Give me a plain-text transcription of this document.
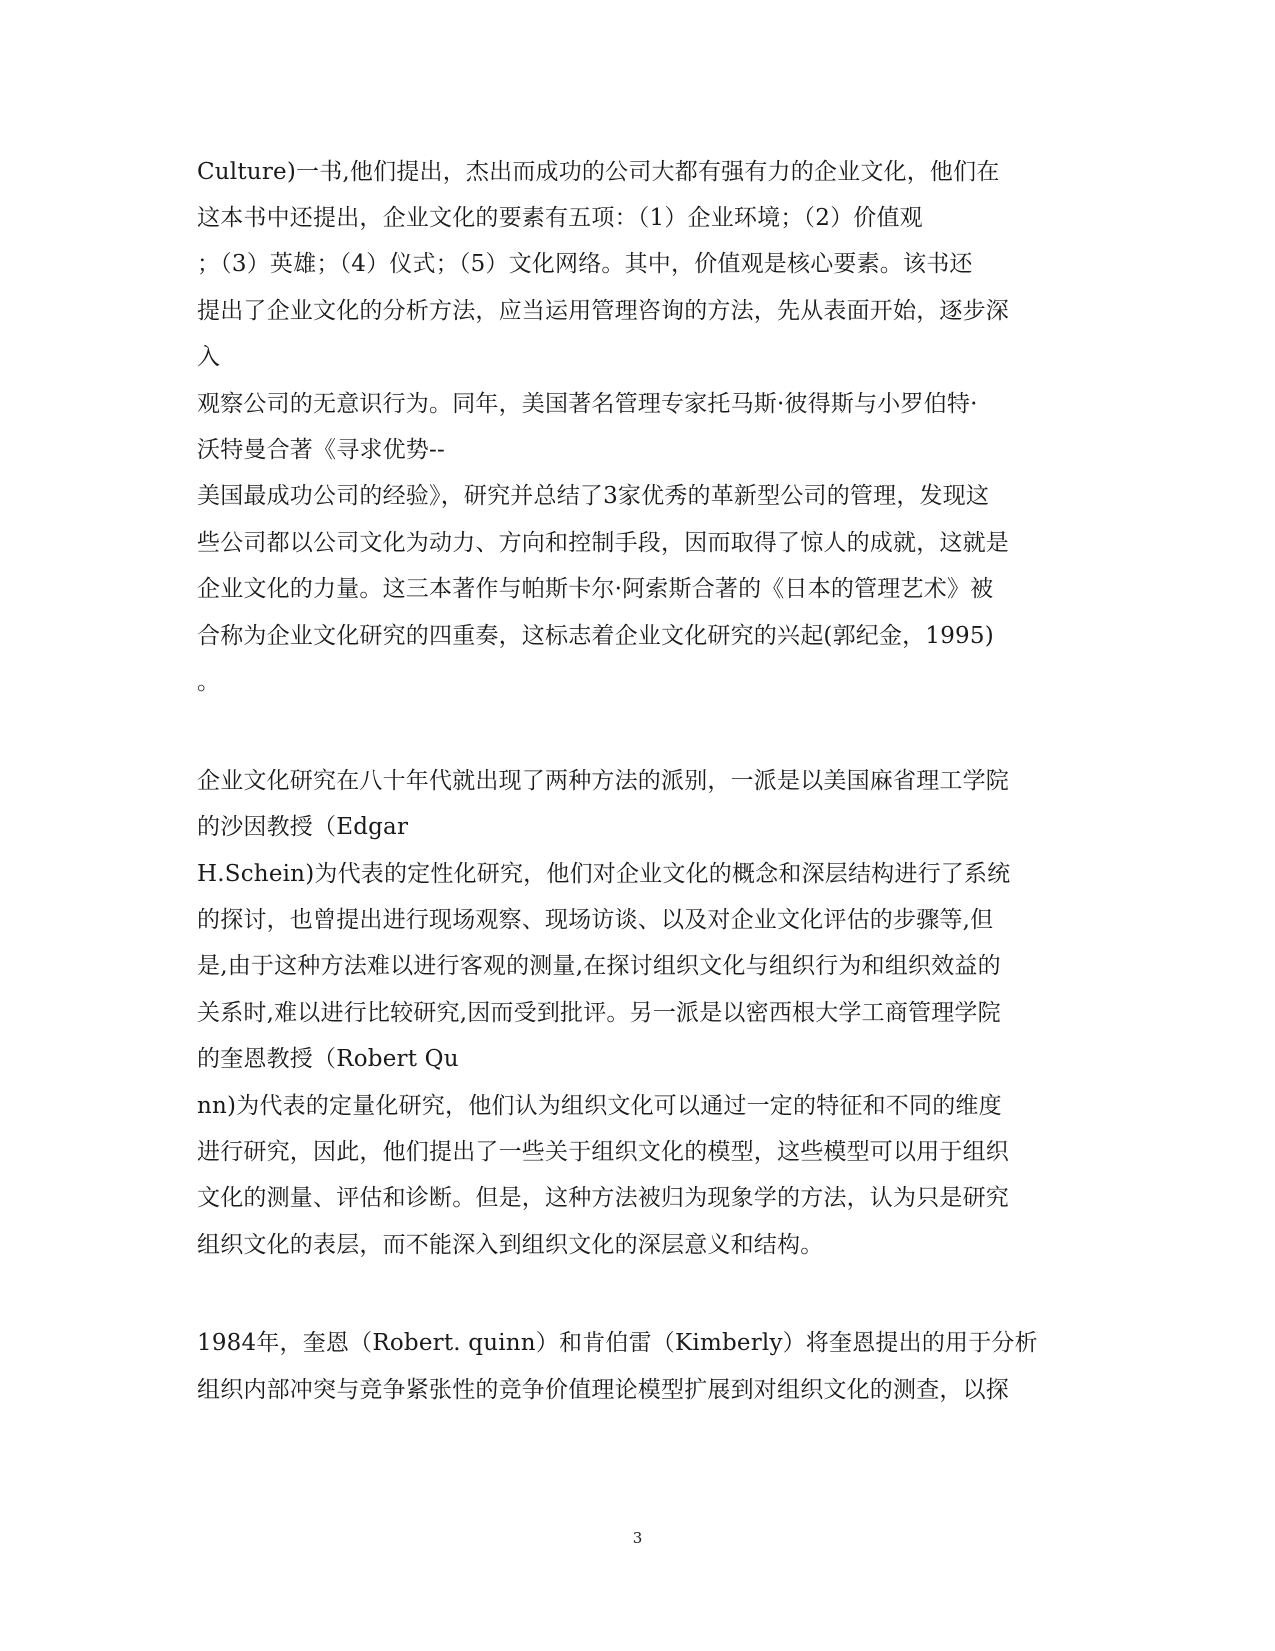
Culture)一书,他们提出，杰出而成功的公司大都有强有力的企业文化，他们在
这本书中还提出，企业文化的要素有五项：（1）企业环境；（2）价值观
；（3）英雄；（4）仪式；（5）文化网络。其中，价值观是核心要素。该书还
提出了企业文化的分析方法，应当运用管理咨询的方法，先从表面开始，逐步深
入
观察公司的无意识行为。同年，美国著名管理专家托马斯·彼得斯与小罗伯特·
沃特曼合著《寻求优势--
美国最成功公司的经验》，研究并总结了3家优秀的革新型公司的管理，发现这
些公司都以公司文化为动力、方向和控制手段，因而取得了惊人的成就，这就是
企业文化的力量。这三本著作与帕斯卡尔·阿索斯合著的《日本的管理艺术》被
合称为企业文化研究的四重奏，这标志着企业文化研究的兴起(郭纪金，1995)
。
企业文化研究在八十年代就出现了两种方法的派别，一派是以美国麻省理工学院
的沙因教授（Edgar
H.Schein)为代表的定性化研究，他们对企业文化的概念和深层结构进行了系统
的探讨，也曾提出进行现场观察、现场访谈、以及对企业文化评估的步骤等,但
是,由于这种方法难以进行客观的测量,在探讨组织文化与组织行为和组织效益的
关系时,难以进行比较研究,因而受到批评。另一派是以密西根大学工商管理学院
的奎恩教授（Robert Qu
nn)为代表的定量化研究，他们认为组织文化可以通过一定的特征和不同的维度
进行研究，因此，他们提出了一些关于组织文化的模型，这些模型可以用于组织
文化的测量、评估和诊断。但是，这种方法被归为现象学的方法，认为只是研究
组织文化的表层，而不能深入到组织文化的深层意义和结构。
1984年，奎恩（Robert. quinn）和肯伯雷（Kimberly）将奎恩提出的用于分析
组织内部冲突与竞争紧张性的竞争价值理论模型扩展到对组织文化的测查，以探
3
